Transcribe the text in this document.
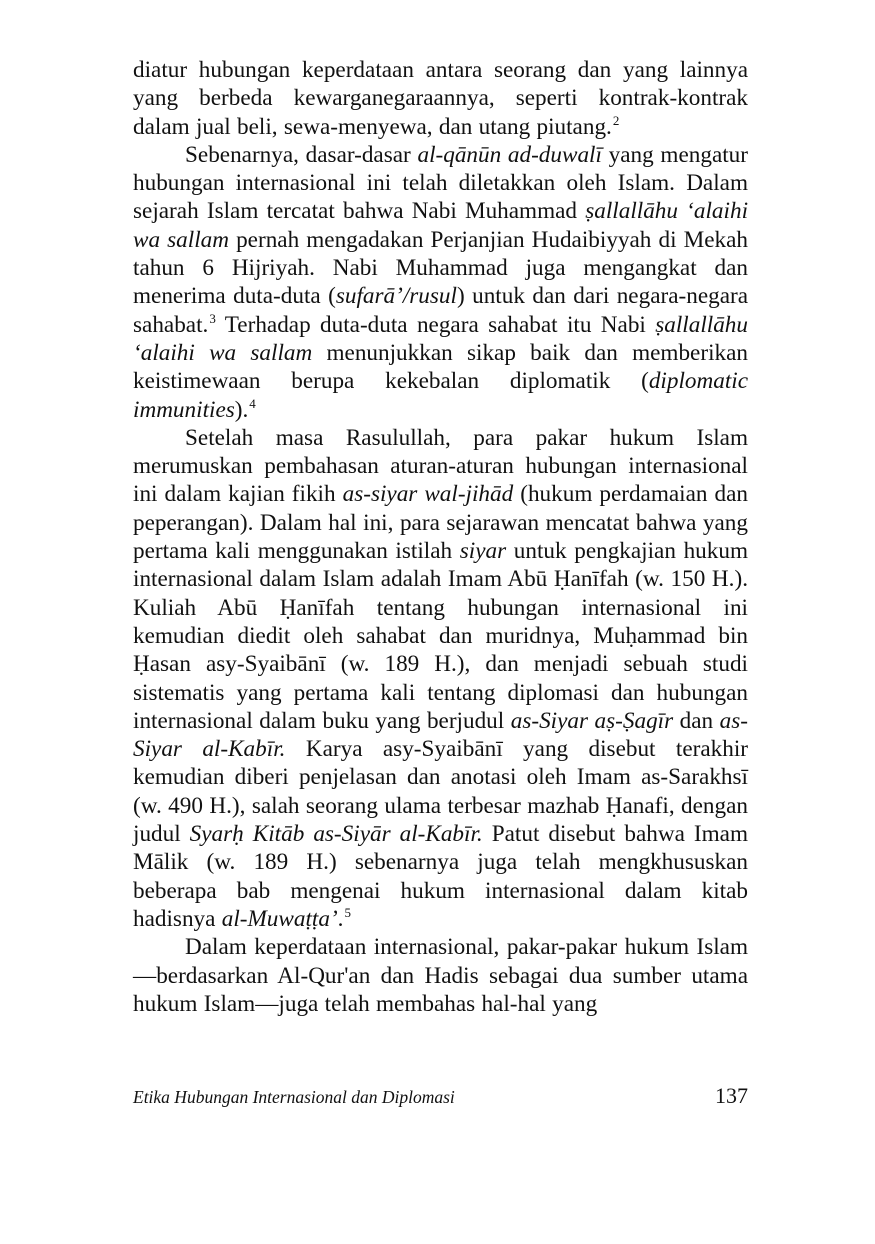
diatur hubungan keperdataan antara seorang dan yang lainnya yang berbeda kewarganegaraannya, seperti kontrak-kontrak dalam jual beli, sewa-menyewa, dan utang piutang.$^2$

Sebenarnya, dasar-dasar al-qānūn ad-duwalī yang mengatur hubungan internasional ini telah diletakkan oleh Islam. Dalam sejarah Islam tercatat bahwa Nabi Muhammad ṣallallāhu ‘alaihi wa sallam pernah mengadakan Perjanjian Hudaibiyyah di Mekah tahun 6 Hijriyah. Nabi Muhammad juga mengangkat dan menerima duta-duta (sufarā’/rusul) untuk dan dari negara-negara sahabat.$^3$ Terhadap duta-duta negara sahabat itu Nabi ṣallallāhu ‘alaihi wa sallam menunjukkan sikap baik dan memberikan keistimewaan berupa kekebalan diplomatik (diplomatic immunities).$^4$

Setelah masa Rasulullah, para pakar hukum Islam merumuskan pembahasan aturan-aturan hubungan internasional ini dalam kajian fikih as-siyar wal-jihād (hukum perdamaian dan peperangan). Dalam hal ini, para sejarawan mencatat bahwa yang pertama kali menggunakan istilah siyar untuk pengkajian hukum internasional dalam Islam adalah Imam Abū Ḥanīfah (w. 150 H.). Kuliah Abū Ḥanīfah tentang hubungan internasional ini kemudian diedit oleh sahabat dan muridnya, Muḥammad bin Ḥasan asy-Syaibānī (w. 189 H.), dan menjadi sebuah studi sistematis yang pertama kali tentang diplomasi dan hubungan internasional dalam buku yang berjudul as-Siyar aṣ-Ṣagīr dan as-Siyar al-Kabīr. Karya asy-Syaibānī yang disebut terakhir kemudian diberi penjelasan dan anotasi oleh Imam as-Sarakhsī (w. 490 H.), salah seorang ulama terbesar mazhab Ḥanafi, dengan judul Syarḥ Kitāb as-Siyār al-Kabīr. Patut disebut bahwa Imam Mālik (w. 189 H.) sebenarnya juga telah mengkhususkan beberapa bab mengenai hukum internasional dalam kitab hadisnya al-Muwaṭṭa’.$^5$

Dalam keperdataan internasional, pakar-pakar hukum Islam—berdasarkan Al-Qur'an dan Hadis sebagai dua sumber utama hukum Islam—juga telah membahas hal-hal yang

Etika Hubungan Internasional dan Diplomasi	137
